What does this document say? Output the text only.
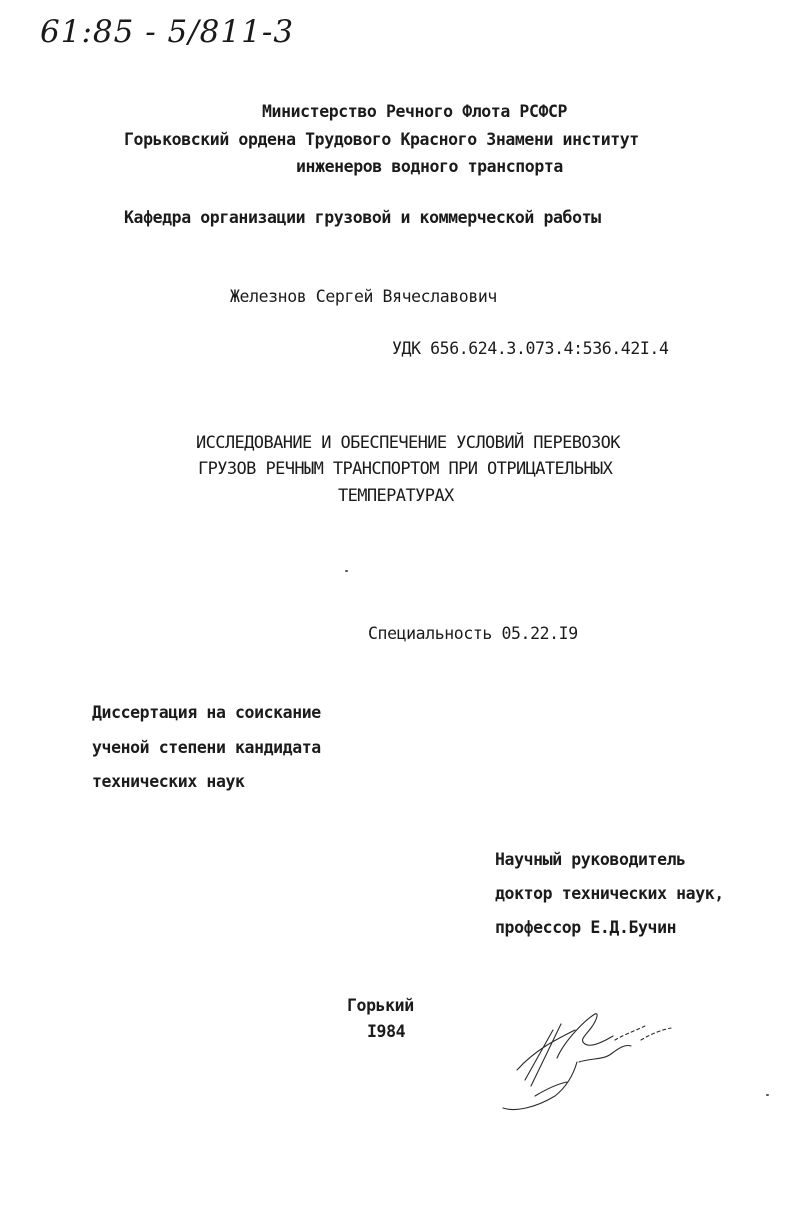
61:85 - 5/811-3
Министерство Речного Флота РСФСР
Горьковский ордена Трудового Красного Знамени институт
инженеров водного транспорта
Кафедра организации грузовой и коммерческой работы
Железнов Сергей Вячеславович
УДК 656.624.3.073.4:536.42I.4
ИССЛЕДОВАНИЕ И ОБЕСПЕЧЕНИЕ УСЛОВИЙ ПЕРЕВОЗОК
ГРУЗОВ РЕЧНЫМ ТРАНСПОРТОМ ПРИ ОТРИЦАТЕЛЬНЫХ
ТЕМПЕРАТУРАХ
Специальность 05.22.I9
Диссертация на соискание
ученой степени кандидата
технических наук
Научный руководитель
доктор технических наук,
профессор Е.Д.Бучин
Горький
I984
